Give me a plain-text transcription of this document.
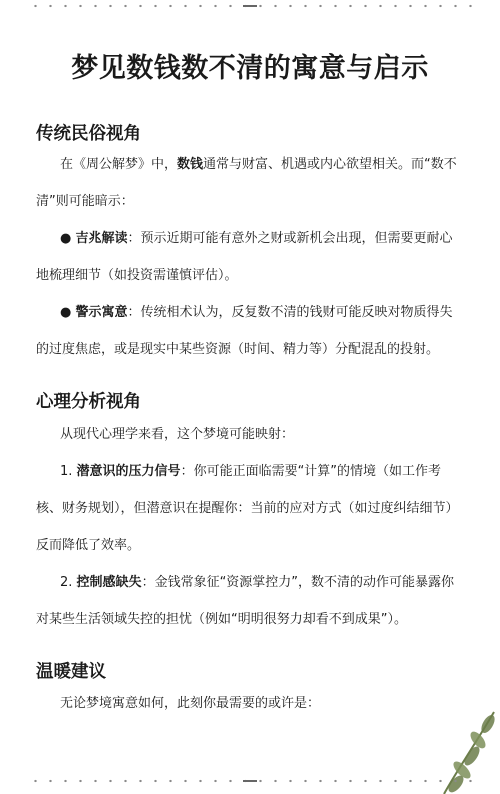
梦见数钱数不清的寓意与启示
传统民俗视角

在《周公解梦》中，数钱通常与财富、机遇或内心欲望相关。而“数不清”则可能暗示：

● 吉兆解读：预示近期可能有意外之财或新机会出现，但需要更耐心地梳理细节（如投资需谨慎评估）。

● 警示寓意：传统相术认为，反复数不清的钱财可能反映对物质得失的过度焦虑，或是现实中某些资源（时间、精力等）分配混乱的投射。

心理分析视角

从现代心理学来看，这个梦境可能映射：

1. 潜意识的压力信号：你可能正面临需要“计算”的情境（如工作考核、财务规划），但潜意识在提醒你：当前的应对方式（如过度纠结细节）反而降低了效率。

2. 控制感缺失：金钱常象征“资源掌控力”，数不清的动作可能暴露你对某些生活领域失控的担忧（例如“明明很努力却看不到成果”）。

温暖建议

无论梦境寓意如何，此刻你最需要的或许是：
